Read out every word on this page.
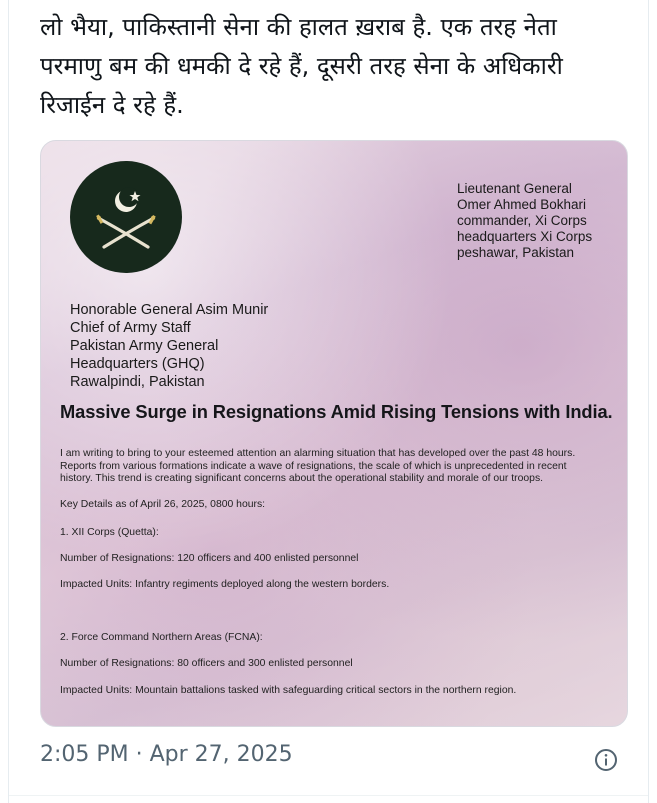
लो भैया, पाकिस्तानी सेना की हालत ख़राब है. एक तरह नेता
परमाणु बम की धमकी दे रहे हैं, दूसरी तरह सेना के अधिकारी
रिजाईन दे रहे हैं.
Lieutenant General
Omer Ahmed Bokhari
commander, Xi Corps
headquarters Xi Corps
peshawar, Pakistan
Honorable General Asim Munir
Chief of Army Staff
Pakistan Army General
Headquarters (GHQ)
Rawalpindi, Pakistan
Massive Surge in Resignations Amid Rising Tensions with India.
I am writing to bring to your esteemed attention an alarming situation that has developed over the past 48 hours.
Reports from various formations indicate a wave of resignations, the scale of which is unprecedented in recent
history. This trend is creating significant concerns about the operational stability and morale of our troops.
Key Details as of April 26, 2025, 0800 hours:
1. XII Corps (Quetta):
Number of Resignations: 120 officers and 400 enlisted personnel
Impacted Units: Infantry regiments deployed along the western borders.
2. Force Command Northern Areas (FCNA):
Number of Resignations: 80 officers and 300 enlisted personnel
Impacted Units: Mountain battalions tasked with safeguarding critical sectors in the northern region.
2:05 PM · Apr 27, 2025
